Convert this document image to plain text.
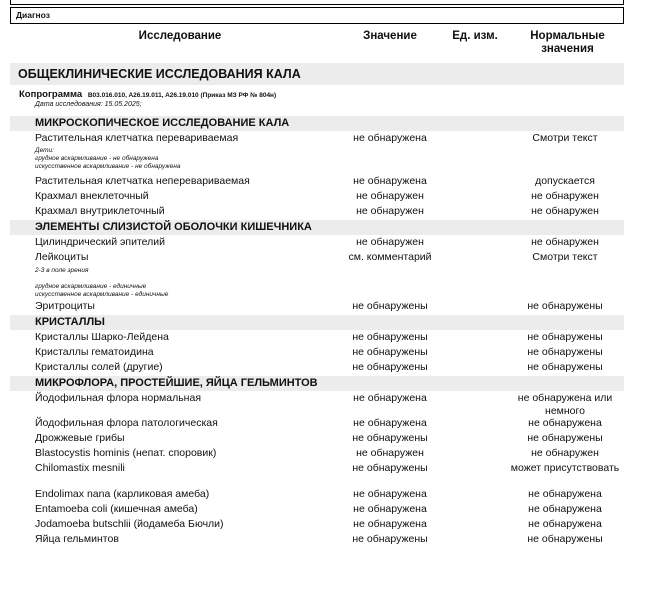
Диагноз
Исследование	Значение	Ед. изм.	Нормальные значения
ОБЩЕКЛИНИЧЕСКИЕ ИССЛЕДОВАНИЯ КАЛА
Копрограмма B03.016.010, A26.19.011, A26.19.010 (Приказ МЗ РФ № 804н)
Дата исследования: 15.05.2025;
МИКРОСКОПИЧЕСКОЕ ИССЛЕДОВАНИЕ КАЛА
Растительная клетчатка перевариваемая	не обнаружена	Смотри текст
Дети:
грудное вскармливание - не обнаружена
искусственное вскармливание - не обнаружена
Растительная клетчатка неперевариваемая	не обнаружена	допускается
Крахмал внеклеточный	не обнаружен	не обнаружен
Крахмал внутриклеточный	не обнаружен	не обнаружен
ЭЛЕМЕНТЫ СЛИЗИСТОЙ ОБОЛОЧКИ КИШЕЧНИКА
Цилиндрический эпителий	не обнаружен	не обнаружен
Лейкоциты	см. комментарий	Смотри текст
2-3 в поле зрения
грудное вскармливание - единичные
искусственное вскармливание - единичные
Эритроциты	не обнаружены	не обнаружены
КРИСТАЛЛЫ
Кристаллы Шарко-Лейдена	не обнаружены	не обнаружены
Кристаллы гематоидина	не обнаружены	не обнаружены
Кристаллы солей (другие)	не обнаружены	не обнаружены
МИКРОФЛОРА, ПРОСТЕЙШИЕ, ЯЙЦА ГЕЛЬМИНТОВ
Йодофильная флора нормальная	не обнаружена	не обнаружена или немного
Йодофильная флора патологическая	не обнаружена	не обнаружена
Дрожжевые грибы	не обнаружены	не обнаружены
Blastocystis hominis (непат. споровик)	не обнаружен	не обнаружен
Chilomastix mesnili	не обнаружены	может присутствовать
Endolimax nana (карликовая амеба)	не обнаружена	не обнаружена
Entamoeba coli (кишечная амеба)	не обнаружена	не обнаружена
Jodamoeba butschlii (йодамеба Бючли)	не обнаружена	не обнаружена
Яйца гельминтов	не обнаружены	не обнаружены
